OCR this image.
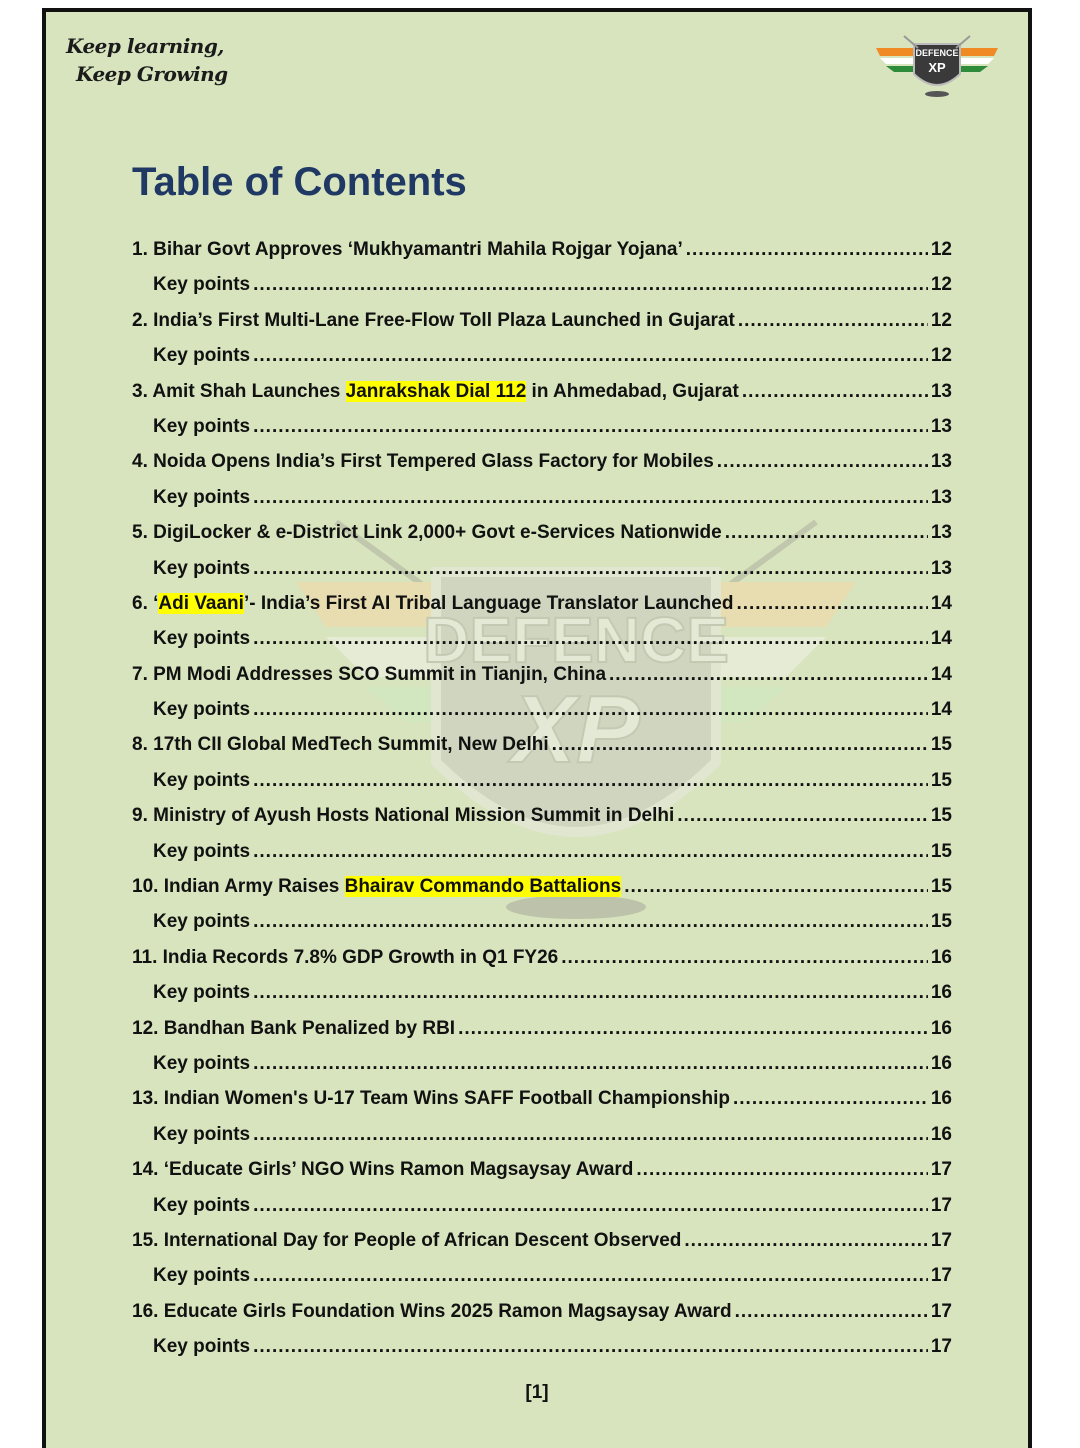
Keep learning,
Keep Growing
DEFENCE
XP
DEFENCE
XP
Table of Contents
1. Bihar Govt Approves ‘Mukhyamantri Mahila Rojgar Yojana’ .....	12
Key points .....	12
2. India’s First Multi-Lane Free-Flow Toll Plaza Launched in Gujarat .....	12
Key points .....	12
3. Amit Shah Launches Janrakshak Dial 112 in Ahmedabad, Gujarat .....	13
Key points .....	13
4. Noida Opens India’s First Tempered Glass Factory for Mobiles .....	13
Key points .....	13
5. DigiLocker & e-District Link 2,000+ Govt e-Services Nationwide .....	13
Key points .....	13
6. ‘Adi Vaani’- India’s First AI Tribal Language Translator Launched .....	14
Key points .....	14
7. PM Modi Addresses SCO Summit in Tianjin, China .....	14
Key points .....	14
8. 17th CII Global MedTech Summit, New Delhi .....	15
Key points .....	15
9. Ministry of Ayush Hosts National Mission Summit in Delhi .....	15
Key points .....	15
10. Indian Army Raises Bhairav Commando Battalions .....	15
Key points .....	15
11. India Records 7.8% GDP Growth in Q1 FY26 .....	16
Key points .....	16
12. Bandhan Bank Penalized by RBI .....	16
Key points .....	16
13. Indian Women's U-17 Team Wins SAFF Football Championship .....	16
Key points .....	16
14. ‘Educate Girls’ NGO Wins Ramon Magsaysay Award .....	17
Key points .....	17
15. International Day for People of African Descent Observed .....	17
Key points .....	17
16. Educate Girls Foundation Wins 2025 Ramon Magsaysay Award .....	17
Key points .....	17
[1]
